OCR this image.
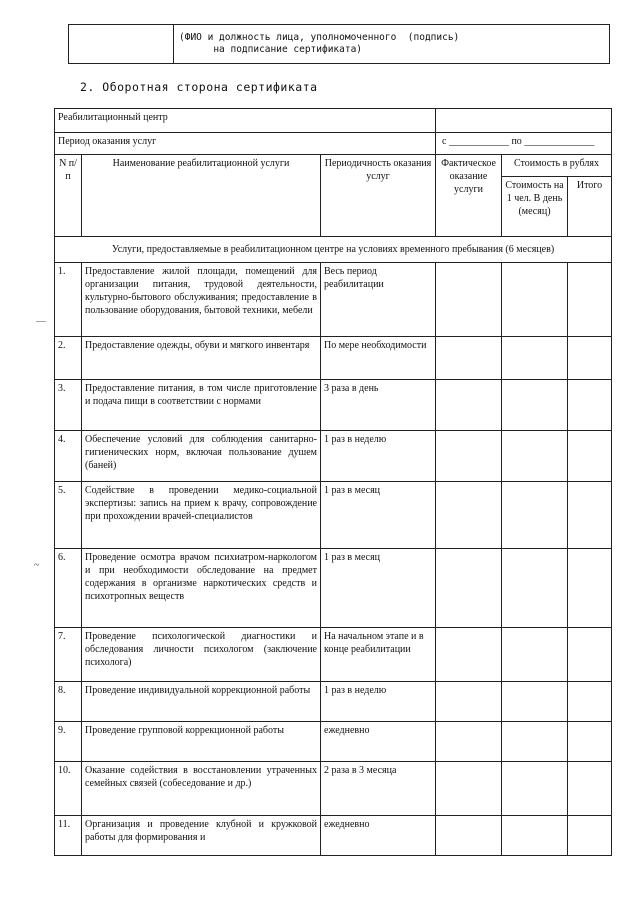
(ФИО и должность лица, уполномоченного  (подпись)
на подписание сертификата)
2. Оборотная сторона сертификата
—
~
Реабилитационный центр					
Период оказания услуг			с ____________ по ______________		
N п/п	Наименование реабилитационной услуги	Периодичность оказания услуг	Фактическое оказание услуги	Стоимость в рублях	
				Стоимость на 1 чел. В день (месяц)	Итого
Услуги, предоставляемые в реабилитационном центре на условиях временного пребывания (6 месяцев)					
1.	Предоставление жилой площади, помещений для организации питания, трудовой деятельности, культурно-бытового обслуживания; предоставление в пользование оборудования, бытовой техники, мебели	Весь период реабилитации			
2.	Предоставление одежды, обуви и мягкого инвентаря	По мере необходимости			
3.	Предоставление питания, в том числе приготовление и подача пищи в соответствии с нормами	3 раза в день			
4.	Обеспечение условий для соблюдения санитарно-гигиенических норм, включая пользование душем (баней)	1 раз в неделю			
5.	Содействие в проведении медико-социальной экспертизы: запись на прием к врачу, сопровождение при прохождении врачей-специалистов	1 раз в месяц			
6.	Проведение осмотра врачом психиатром-наркологом и при необходимости обследование на предмет содержания в организме наркотических средств и психотропных веществ	1 раз в месяц			
7.	Проведение психологической диагностики и обследования личности психологом (заключение психолога)	На начальном этапе и в конце реабилитации			
8.	Проведение индивидуальной коррекционной работы	1 раз в неделю			
9.	Проведение групповой коррекционной работы	ежедневно			
10.	Оказание содействия в восстановлении утраченных семейных связей (собеседование и др.)	2 раза в 3 месяца			
11.	Организация и проведение клубной и кружковой работы для формирования и	ежедневно			
